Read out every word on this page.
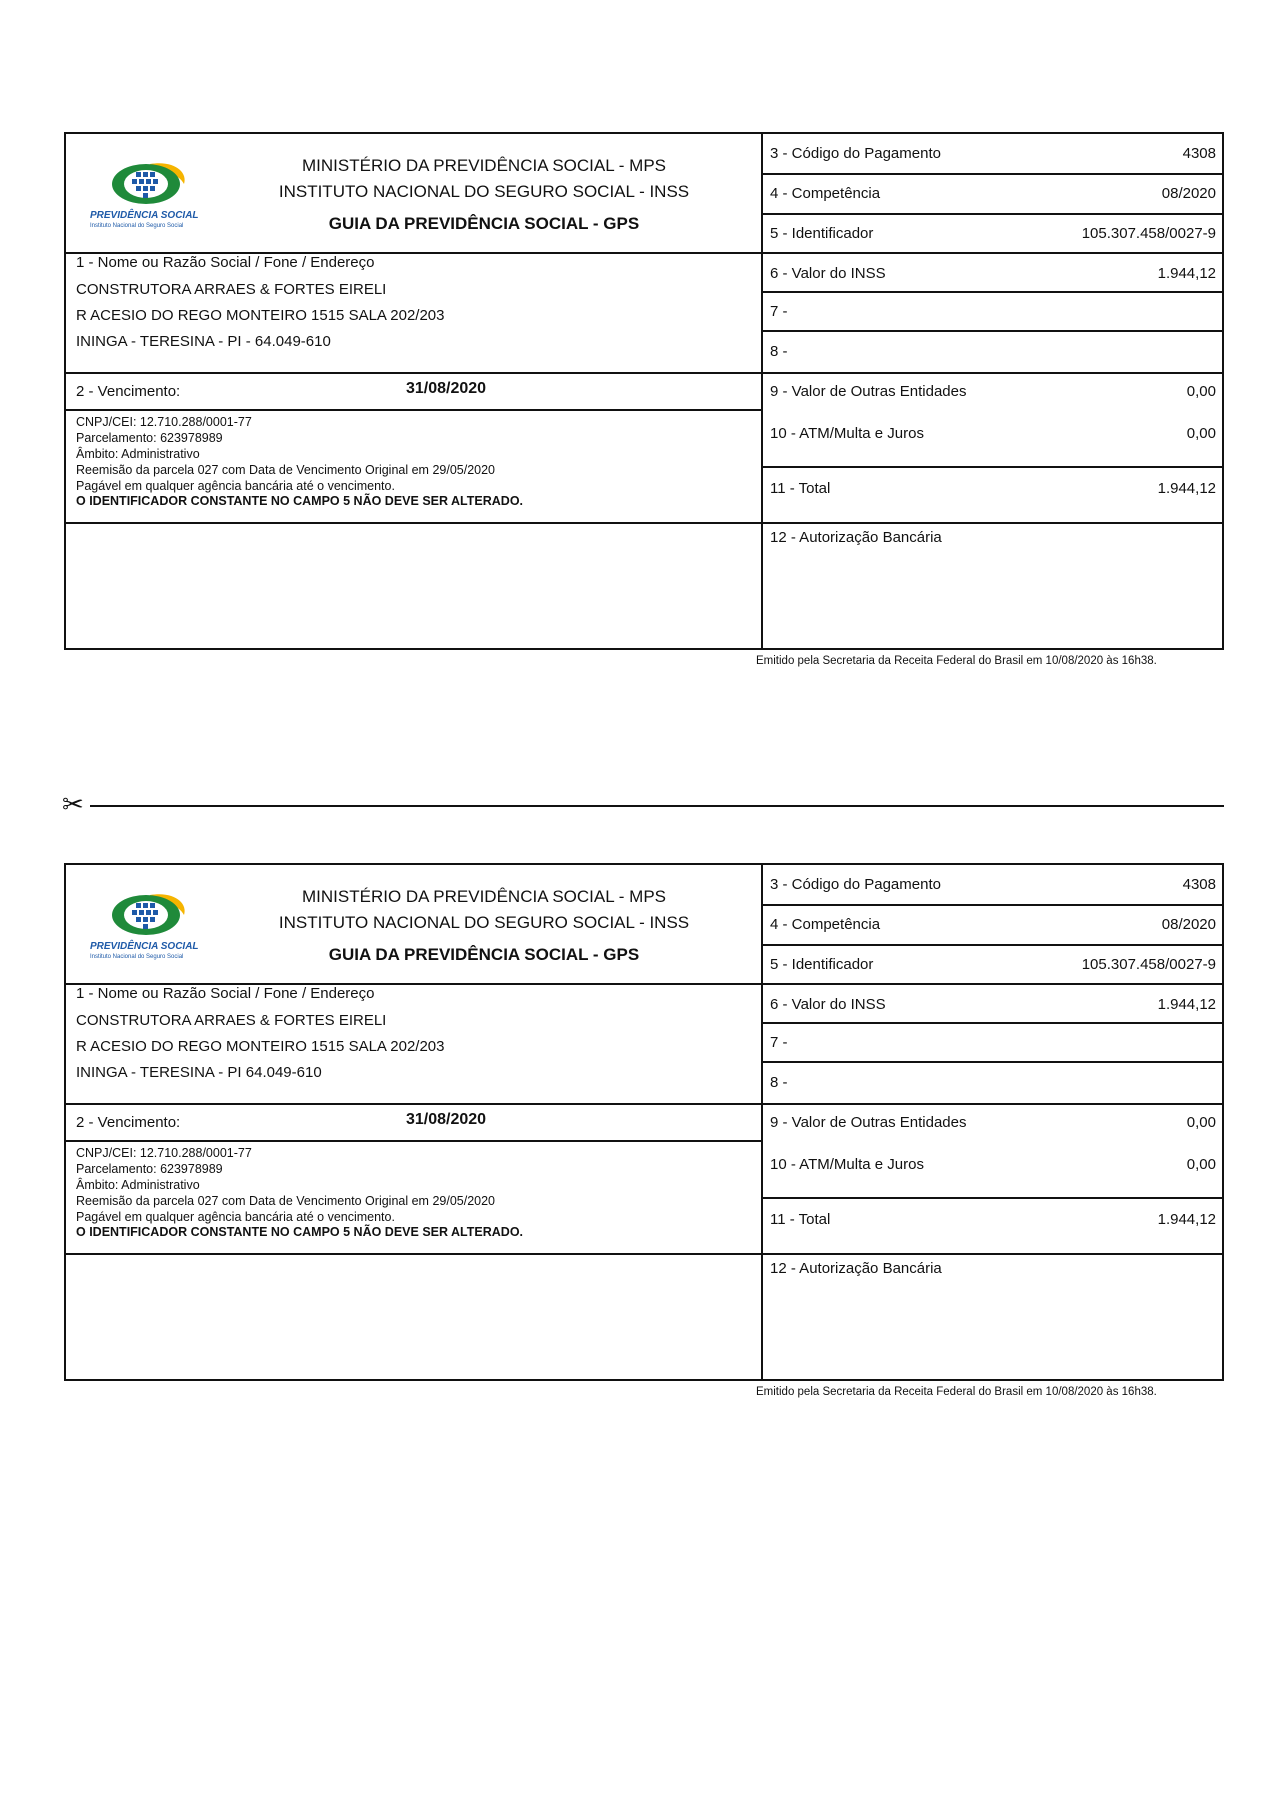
PREVIDÊNCIA SOCIAL
Instituto Nacional do Seguro Social
MINISTÉRIO DA PREVIDÊNCIA SOCIAL - MPS
INSTITUTO NACIONAL DO SEGURO SOCIAL - INSS
GUIA DA PREVIDÊNCIA SOCIAL - GPS
1 - Nome ou Razão Social / Fone / Endereço
CONSTRUTORA ARRAES & FORTES EIRELI
R ACESIO DO REGO MONTEIRO 1515 SALA 202/203
ININGA - TERESINA - PI - 64.049-610
2 - Vencimento:	31/08/2020
CNPJ/CEI: 12.710.288/0001-77
Parcelamento: 623978989
Âmbito: Administrativo
Reemisão da parcela 027 com Data de Vencimento Original em 29/05/2020
Pagável em qualquer agência bancária até o vencimento.
O IDENTIFICADOR CONSTANTE NO CAMPO 5 NÃO DEVE SER ALTERADO.
3 - Código do Pagamento	4308
4 - Competência	08/2020
5 - Identificador	105.307.458/0027-9
6 - Valor do INSS	1.944,12
7 -
8 -
9 - Valor de Outras Entidades	0,00
10 - ATM/Multa e Juros	0,00
11 - Total	1.944,12
12 - Autorização Bancária
Emitido pela Secretaria da Receita Federal do Brasil em 10/08/2020 às 16h38.
✂
PREVIDÊNCIA SOCIAL
Instituto Nacional do Seguro Social
MINISTÉRIO DA PREVIDÊNCIA SOCIAL - MPS
INSTITUTO NACIONAL DO SEGURO SOCIAL - INSS
GUIA DA PREVIDÊNCIA SOCIAL - GPS
1 - Nome ou Razão Social / Fone / Endereço
CONSTRUTORA ARRAES & FORTES EIRELI
R ACESIO DO REGO MONTEIRO 1515 SALA 202/203
ININGA - TERESINA - PI 64.049-610
2 - Vencimento:	31/08/2020
CNPJ/CEI: 12.710.288/0001-77
Parcelamento: 623978989
Âmbito: Administrativo
Reemisão da parcela 027 com Data de Vencimento Original em 29/05/2020
Pagável em qualquer agência bancária até o vencimento.
O IDENTIFICADOR CONSTANTE NO CAMPO 5 NÃO DEVE SER ALTERADO.
3 - Código do Pagamento	4308
4 - Competência	08/2020
5 - Identificador	105.307.458/0027-9
6 - Valor do INSS	1.944,12
7 -
8 -
9 - Valor de Outras Entidades	0,00
10 - ATM/Multa e Juros	0,00
11 - Total	1.944,12
12 - Autorização Bancária
Emitido pela Secretaria da Receita Federal do Brasil em 10/08/2020 às 16h38.
